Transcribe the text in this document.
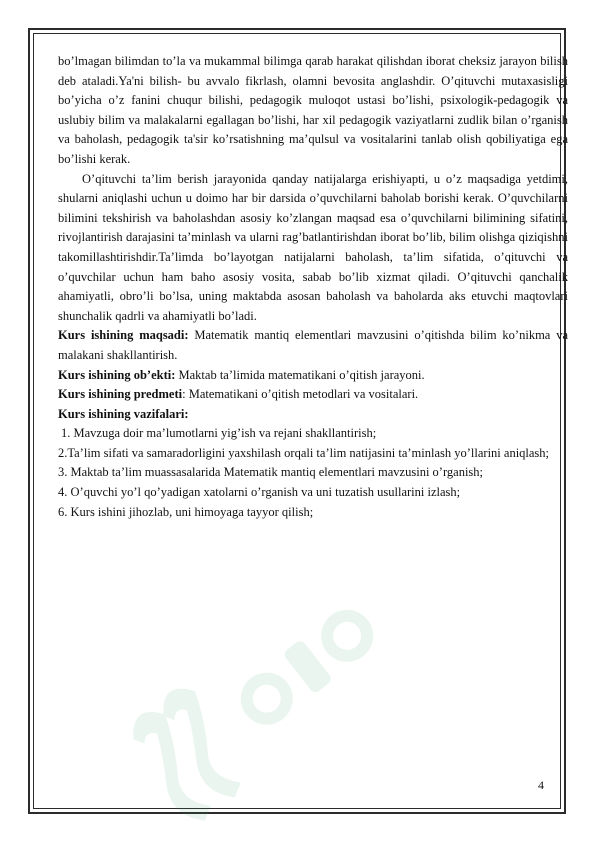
bo’lmagan bilimdan to’la va mukammal bilimga qarab harakat qilishdan iborat cheksiz jarayon bilish deb ataladi.Ya'ni bilish- bu avvalo fikrlash, olamni bevosita anglashdir. O’qituvchi mutaxasisligi bo’yicha o’z fanini chuqur bilishi, pedagogik muloqot ustasi bo’lishi, psixologik-pedagogik va uslubiy bilim va malakalarni egallagan bo’lishi, har xil pedagogik vaziyatlarni zudlik bilan o’rganish va baholash, pedagogik ta'sir ko’rsatishning ma’qulsul va vositalarini tanlab olish qobiliyatiga ega bo’lishi kerak.

O’qituvchi ta’lim berish jarayonida qanday natijalarga erishiyapti, u o’z maqsadiga yetdimi, shularni aniqlashi uchun u doimo har bir darsida o’quvchilarni baholab borishi kerak. O’quvchilarni bilimini tekshirish va baholashdan asosiy ko’zlangan maqsad esa o’quvchilarni bilimining sifatini, rivojlantirish darajasini ta’minlash va ularni rag’batlantirishdan iborat bo’lib, bilim olishga qiziqishni takomillashtirishdir.Ta’limda bo’layotgan natijalarni baholash, ta’lim sifatida, o’qituvchi va o’quvchilar uchun ham baho asosiy vosita, sabab bo’lib xizmat qiladi. O’qituvchi qanchalik ahamiyatli, obro’li bo’lsa, uning maktabda asosan baholash va baholarda aks etuvchi maqtovlari shunchalik qadrli va ahamiyatli bo’ladi.

Kurs ishining maqsadi: Matematik mantiq elementlari mavzusini o’qitishda bilim ko’nikma va malakani shakllantirish.

Kurs ishining ob’ekti: Maktab ta’limida matematikani o’qitish jarayoni.

Kurs ishining predmeti: Matematikani o’qitish metodlari va vositalari.

Kurs ishining vazifalari:

1. Mavzuga doir ma’lumotlarni yig’ish va rejani shakllantirish;

2.Ta’lim sifati va samaradorligini yaxshilash orqali ta’lim natijasini ta’minlash yo’llarini aniqlash;

3. Maktab ta’lim muassasalarida Matematik mantiq elementlari mavzusini o’rganish;

4. O’quvchi yo’l qo’yadigan xatolarni o’rganish va uni tuzatish usullarini izlash;

6. Kurs ishini jihozlab, uni himoyaga tayyor qilish;

4
